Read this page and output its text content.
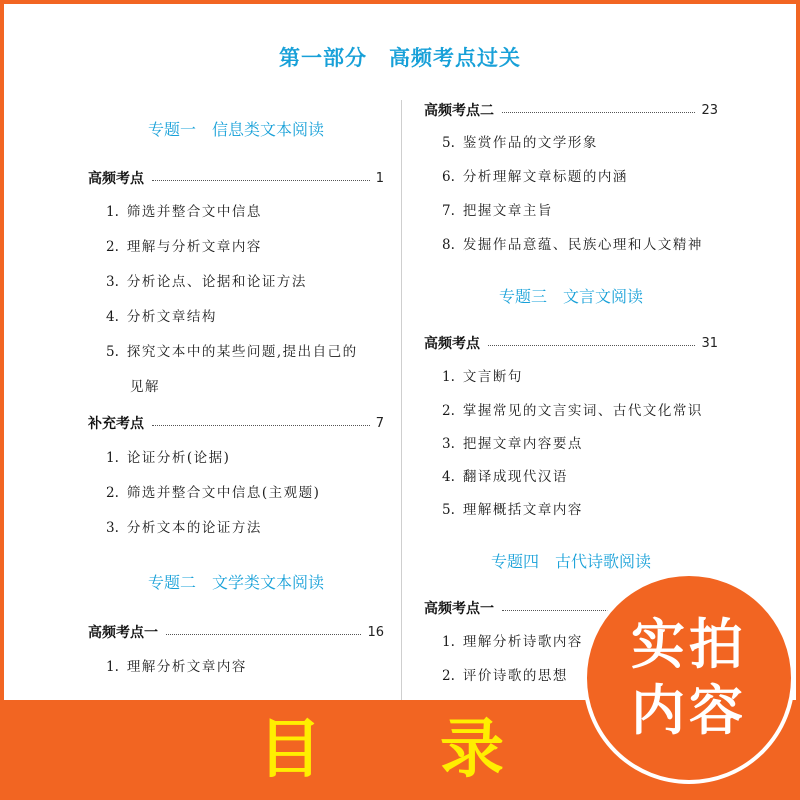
第一部分　高频考点过关
专题一　信息类文本阅读
高频考点	1
1. 筛选并整合文中信息
2. 理解与分析文章内容
3. 分析论点、论据和论证方法
4. 分析文章结构
5. 探究文本中的某些问题,提出自己的
见解
补充考点	7
1. 论证分析(论据)
2. 筛选并整合文中信息(主观题)
3. 分析文本的论证方法
专题二　文学类文本阅读
高频考点一	16
1. 理解分析文章内容
高频考点二	23
5. 鉴赏作品的文学形象
6. 分析理解文章标题的内涵
7. 把握文章主旨
8. 发掘作品意蕴、民族心理和人文精神
专题三　文言文阅读
高频考点	31
1. 文言断句
2. 掌握常见的文言实词、古代文化常识
3. 把握文章内容要点
4. 翻译成现代汉语
5. 理解概括文章内容
专题四　古代诗歌阅读
高频考点一
1. 理解分析诗歌内容
2. 评价诗歌的思想
目 录
实拍
内容
